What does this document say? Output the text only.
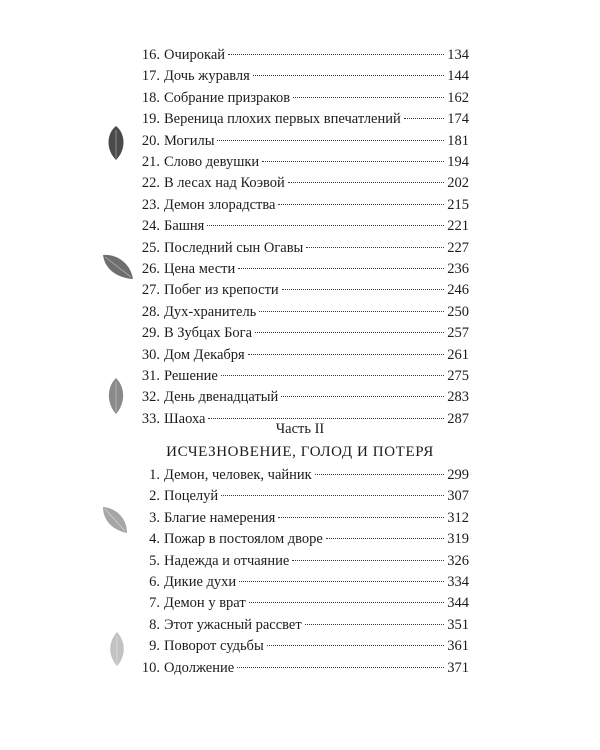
16. Очирокай	134
17. Дочь журавля	144
18. Собрание призраков	162
19. Вереница плохих первых впечатлений	174
20. Могилы	181
21. Слово девушки	194
22. В лесах над Коэвой	202
23. Демон злорадства	215
24. Башня	221
25. Последний сын Огавы	227
26. Цена мести	236
27. Побег из крепости	246
28. Дух-хранитель	250
29. В Зубцах Бога	257
30. Дом Декабря	261
31. Решение	275
32. День двенадцатый	283
33. Шаоха	287
Часть II
ИСЧЕЗНОВЕНИЕ, ГОЛОД И ПОТЕРЯ
1. Демон, человек, чайник	299
2. Поцелуй	307
3. Благие намерения	312
4. Пожар в постоялом дворе	319
5. Надежда и отчаяние	326
6. Дикие духи	334
7. Демон у врат	344
8. Этот ужасный рассвет	351
9. Поворот судьбы	361
10. Одолжение	371
